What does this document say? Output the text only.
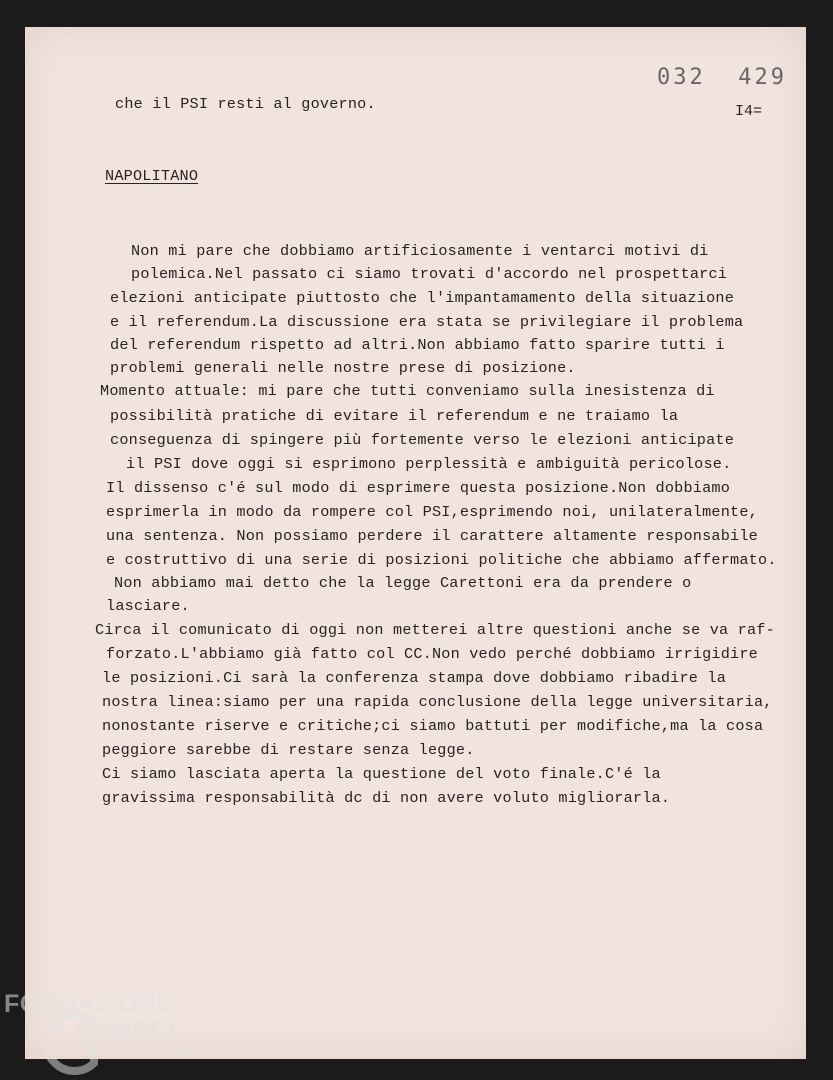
032  429

I4=

che il PSI resti al governo.

NAPOLITANO

Non mi pare che dobbiamo artificiosamente i ventarci motivi di

polemica.Nel passato ci siamo trovati d'accordo nel prospettarci

elezioni anticipate piuttosto che l'impantamamento della situazione

e il referendum.La discussione era stata se privilegiare il problema

del referendum rispetto ad altri.Non abbiamo fatto sparire tutti i

problemi generali nelle nostre prese di posizione.

Momento attuale: mi pare che tutti conveniamo sulla inesistenza di

possibilità pratiche di evitare il referendum e ne traiamo la

conseguenza di spingere più fortemente verso le elezioni anticipate

il PSI dove oggi si esprimono perplessità e ambiguità pericolose.

Il dissenso c'é sul modo di esprimere questa posizione.Non dobbiamo

esprimerla in modo da rompere col PSI,esprimendo noi, unilateralmente,

una sentenza. Non possiamo perdere il carattere altamente responsabile

e costruttivo di una serie di posizioni politiche che abbiamo affermato.

Non abbiamo mai detto che la legge Carettoni era da prendere o

lasciare.

Circa il comunicato di oggi non metterei altre questioni anche se va raf-

forzato.L'abbiamo già fatto col CC.Non vedo perché dobbiamo irrigidire

le posizioni.Ci sarà la conferenza stampa dove dobbiamo ribadire la

nostra linea:siamo per una rapida conclusione della legge universitaria,

nonostante riserve e critiche;ci siamo battuti per modifiche,ma la cosa

peggiore sarebbe di restare senza legge.

Ci siamo lasciata aperta la questione del voto finale.C'é la

gravissima responsabilità dc di non avere voluto migliorarla.

FONDAZIONE

RAMSCI

onlus
